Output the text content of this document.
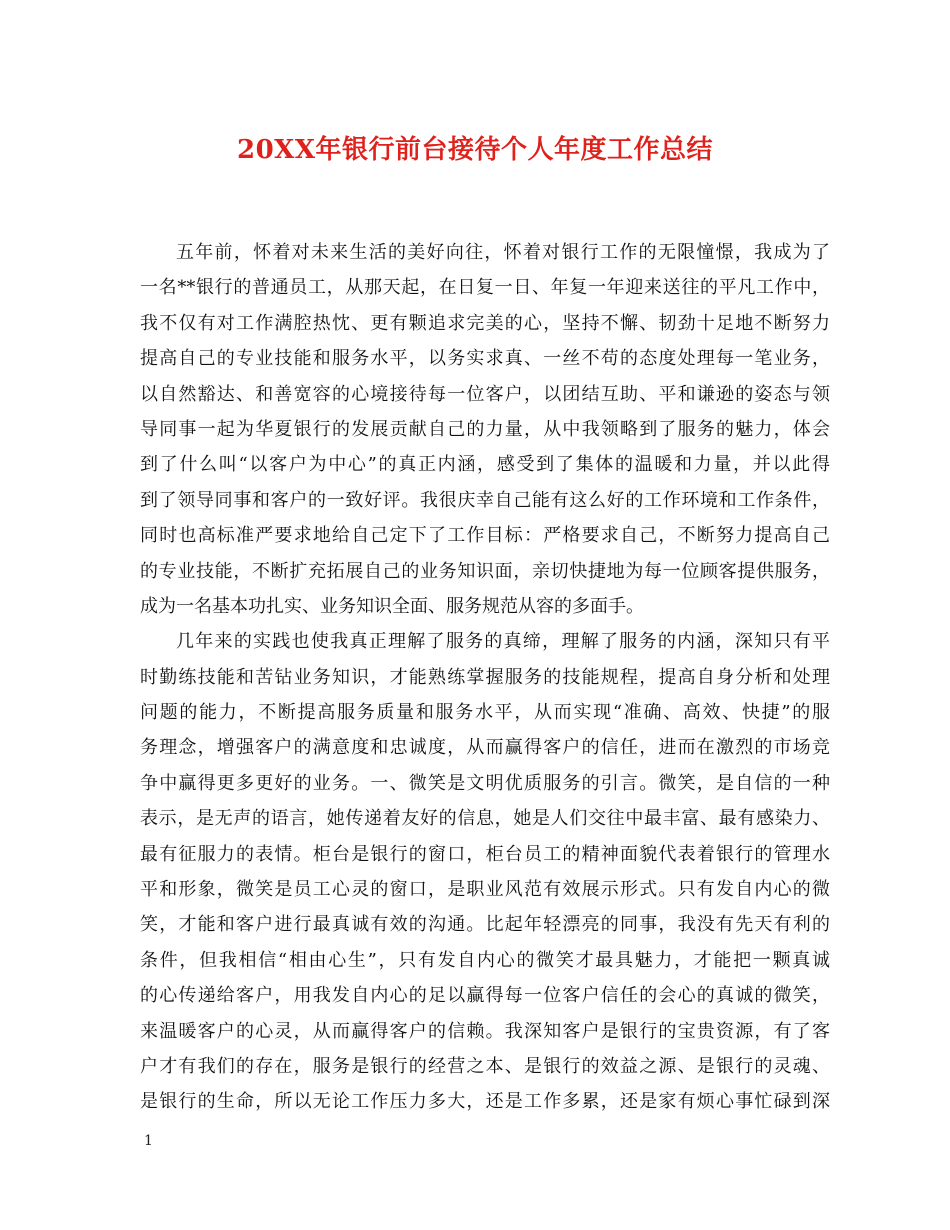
20XX年银行前台接待个人年度工作总结
五年前，怀着对未来生活的美好向往，怀着对银行工作的无限憧憬，我成为了
一名**银行的普通员工，从那天起，在日复一日、年复一年迎来送往的平凡工作中，
我不仅有对工作满腔热忱、更有颗追求完美的心，坚持不懈、韧劲十足地不断努力
提高自己的专业技能和服务水平，以务实求真、一丝不苟的态度处理每一笔业务，
以自然豁达、和善宽容的心境接待每一位客户，以团结互助、平和谦逊的姿态与领
导同事一起为华夏银行的发展贡献自己的力量，从中我领略到了服务的魅力，体会
到了什么叫“以客户为中心”的真正内涵，感受到了集体的温暖和力量，并以此得
到了领导同事和客户的一致好评。我很庆幸自己能有这么好的工作环境和工作条件，
同时也高标准严要求地给自己定下了工作目标：严格要求自己，不断努力提高自己
的专业技能，不断扩充拓展自己的业务知识面，亲切快捷地为每一位顾客提供服务，
成为一名基本功扎实、业务知识全面、服务规范从容的多面手。
几年来的实践也使我真正理解了服务的真缔，理解了服务的内涵，深知只有平
时勤练技能和苦钻业务知识，才能熟练掌握服务的技能规程，提高自身分析和处理
问题的能力，不断提高服务质量和服务水平，从而实现“准确、高效、快捷”的服
务理念，增强客户的满意度和忠诚度，从而赢得客户的信任，进而在激烈的市场竞
争中赢得更多更好的业务。一、微笑是文明优质服务的引言。微笑，是自信的一种
表示，是无声的语言，她传递着友好的信息，她是人们交往中最丰富、最有感染力、
最有征服力的表情。柜台是银行的窗口，柜台员工的精神面貌代表着银行的管理水
平和形象，微笑是员工心灵的窗口，是职业风范有效展示形式。只有发自内心的微
笑，才能和客户进行最真诚有效的沟通。比起年轻漂亮的同事，我没有先天有利的
条件，但我相信“相由心生”，只有发自内心的微笑才最具魅力，才能把一颗真诚
的心传递给客户，用我发自内心的足以赢得每一位客户信任的会心的真诚的微笑，
来温暖客户的心灵，从而赢得客户的信赖。我深知客户是银行的宝贵资源，有了客
户才有我们的存在，服务是银行的经营之本、是银行的效益之源、是银行的灵魂、
是银行的生命，所以无论工作压力多大，还是工作多累，还是家有烦心事忙碌到深
1
